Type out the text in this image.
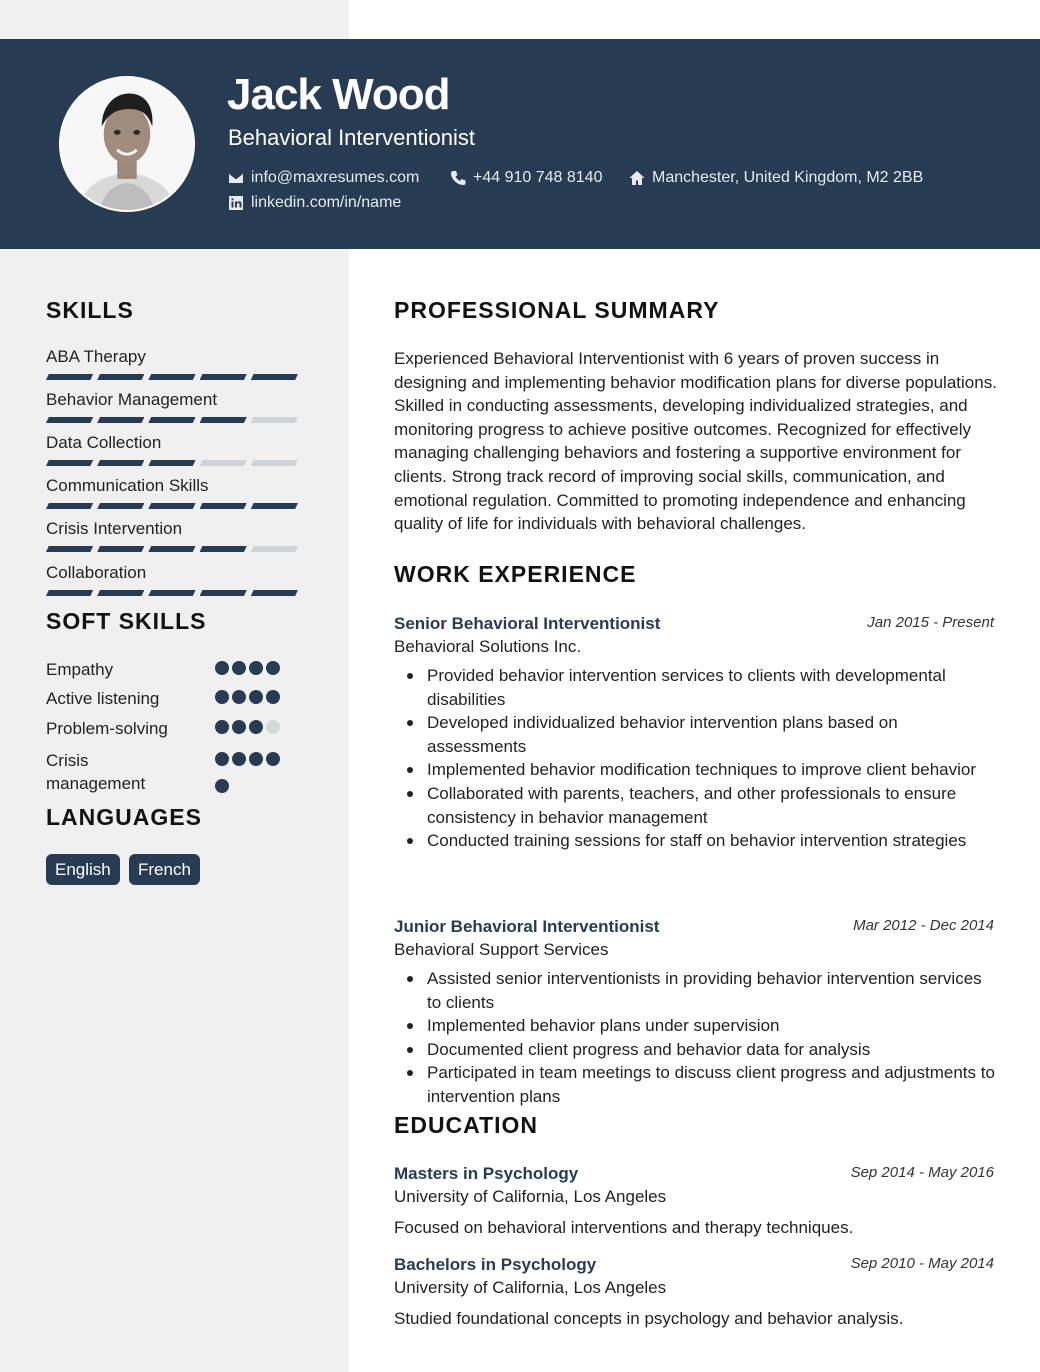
Jack Wood
Behavioral Interventionist
info@maxresumes.com	+44 910 748 8140	Manchester, United Kingdom, M2 2BB
linkedin.com/in/name
SKILLS
ABA Therapy
Behavior Management
Data Collection
Communication Skills
Crisis Intervention
Collaboration
SOFT SKILLS
Empathy
Active listening
Problem-solving
Crisis management
LANGUAGES
English	French
PROFESSIONAL SUMMARY
Experienced Behavioral Interventionist with 6 years of proven success in designing and implementing behavior modification plans for diverse populations. Skilled in conducting assessments, developing individualized strategies, and monitoring progress to achieve positive outcomes. Recognized for effectively managing challenging behaviors and fostering a supportive environment for clients. Strong track record of improving social skills, communication, and emotional regulation. Committed to promoting independence and enhancing quality of life for individuals with behavioral challenges.
WORK EXPERIENCE
Senior Behavioral Interventionist	Jan 2015 - Present
Behavioral Solutions Inc.
Provided behavior intervention services to clients with developmental disabilities
Developed individualized behavior intervention plans based on assessments
Implemented behavior modification techniques to improve client behavior
Collaborated with parents, teachers, and other professionals to ensure consistency in behavior management
Conducted training sessions for staff on behavior intervention strategies
Junior Behavioral Interventionist	Mar 2012 - Dec 2014
Behavioral Support Services
Assisted senior interventionists in providing behavior intervention services to clients
Implemented behavior plans under supervision
Documented client progress and behavior data for analysis
Participated in team meetings to discuss client progress and adjustments to intervention plans
EDUCATION
Masters in Psychology	Sep 2014 - May 2016
University of California, Los Angeles
Focused on behavioral interventions and therapy techniques.
Bachelors in Psychology	Sep 2010 - May 2014
University of California, Los Angeles
Studied foundational concepts in psychology and behavior analysis.
